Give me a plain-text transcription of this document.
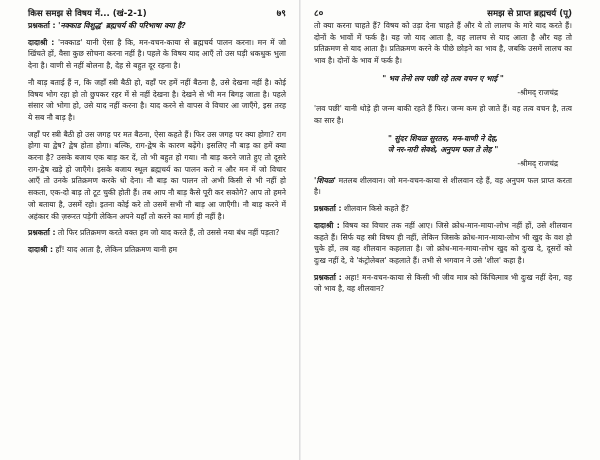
किस समझ से विषय में... (खं-2-1)	७९

प्रश्नकर्ता : 'नक्काड विशुद्ध' ब्रह्मचर्य की परिभाषा क्या है?

दादाश्री : 'नक्काड' यानी ऐसा है कि, मन-वचन-काया से ब्रह्मचर्य पालन करना। मन में जो खिंचते हों, वैसा कुछ सोचना करना नहीं है। पहले के विषय याद आएँ तो उस घड़ी धकधुक भुला देना है। वाणी से नहीं बोलना है, देह से बहुत दूर रहना है।

नौ बाड़ बताई हैं न, कि जहाँ स्त्री बैठी हो, वहाँ पर हमें नहीं बैठना है, उसे देखना नहीं है। कोई विषय भोग रहा हो तो छुपकर रहर में से नहीं देखना है। देखने से भी मन बिगड़ जाता है। पहले संसार जो भोगा हो, उसे याद नहीं करना है। याद करने से वापस वे विचार आ जाएँगे, इस तरह ये सब नौ बाड़ है।

जहाँ पर स्त्री बैठी हो उस जगह पर मत बैठना, ऐसा कहते हैं। फिर उस जगह पर क्या होगा? राग होगा या द्वेष? द्वेष होता होगा। बल्कि, राग-द्वेष के कारण बढ़ेंगे। इसलिए नौ बाड़ का हमें क्या करना है? उसके बजाय एक बाड़ कर दें, तो भी बहुत हो गया। नौ बाड़ करने जाते हुए तो दूसरे राग-द्वेष खड़े हो जाएँगे। इसके बजाय स्थूल ब्रह्मचर्य का पालन करो न और मन में जो विचार आएँ तो उनके प्रतिक्रमण करके धो देना। नौ बाड़ का पालन तो अभी किसी से भी नहीं हो सकता, एक-दो बाड़ तो टूट चुकी होती हैं। तब आप नौ बाड़ कैसे पूरी कर सकोगे? आप तो हमने जो बताया है, उसमें रहो। इतना कोई करे तो उसमें सभी नौ बाड़ आ जाएँगी। नौ बाड़ करने में अहंकार की ज़रूरत पड़ेगी लेकिन अपने यहाँ तो करने का मार्ग ही नहीं है।

प्रश्नकर्ता : तो फिर प्रतिक्रमण करते वक्त हम जो याद करते हैं, तो उससे नया बंध नहीं पड़ता?

दादाश्री : हाँ! याद आता है, लेकिन प्रतिक्रमण यानी हम

८०	समझ से प्राप्त ब्रह्मचर्य (पू)

तो क्या करना चाहते हैं? विषय को उड़ा देना चाहते हैं और ये तो लालच के मारे याद करते हैं। दोनों के भावों में फर्क है। यह जो याद आता है, वह लालच से याद आता है और यह तो प्रतिक्रमण से याद आता है। प्रतिक्रमण करने के पीछे छोड़ने का भाव है, जबकि उसमें लालच का भाव है। दोनों के भाव में फर्क है।

" भव तेनो लव पछी रहे तत्व वचन ए भाई "
-श्रीमद् राजचंद्र

'लव पछी' यानी थोड़े ही जन्म बाकी रहते हैं फिर। जन्म कम हो जाते हैं। वह तत्व वचन है, तत्व का सार है।

" सुंदर शियळ सुरतरु, मन-वाणी ने देह,
जे नर-नारी सेवशे, अनुपम फल ते लेह "
-श्रीमद् राजचंद्र

'शियळ' मतलब शीलवान। जो मन-वचन-काया से शीलवान रहे हैं, वह अनुपम फल प्राप्त करता है।

प्रश्नकर्ता : शीलवान किसे कहते हैं?

दादाश्री : विषय का विचार तक नहीं आए। जिसे क्रोध-मान-माया-लोभ नहीं हों, उसे शीलवान कहते हैं। सिर्फ यह स्त्री विषय ही नहीं, लेकिन जिसके क्रोध-मान-माया-लोभ भी खुद के वश हो चुके हों, तब वह शीलवान कहलाता है। जो क्रोध-मान-माया-लोभ खुद को दुःख दे, दूसरों को दुःख नहीं दे, वे 'कंट्रोलेबल' कहलाते हैं। तभी से भगवान ने उसे 'शील' कहा है।

प्रश्नकर्ता : अहा! मन-वचन-काया से किसी भी जीव मात्र को किंचित्मात्र भी दुःख नहीं देना, वह जो भाव है, वह शीलवान?
